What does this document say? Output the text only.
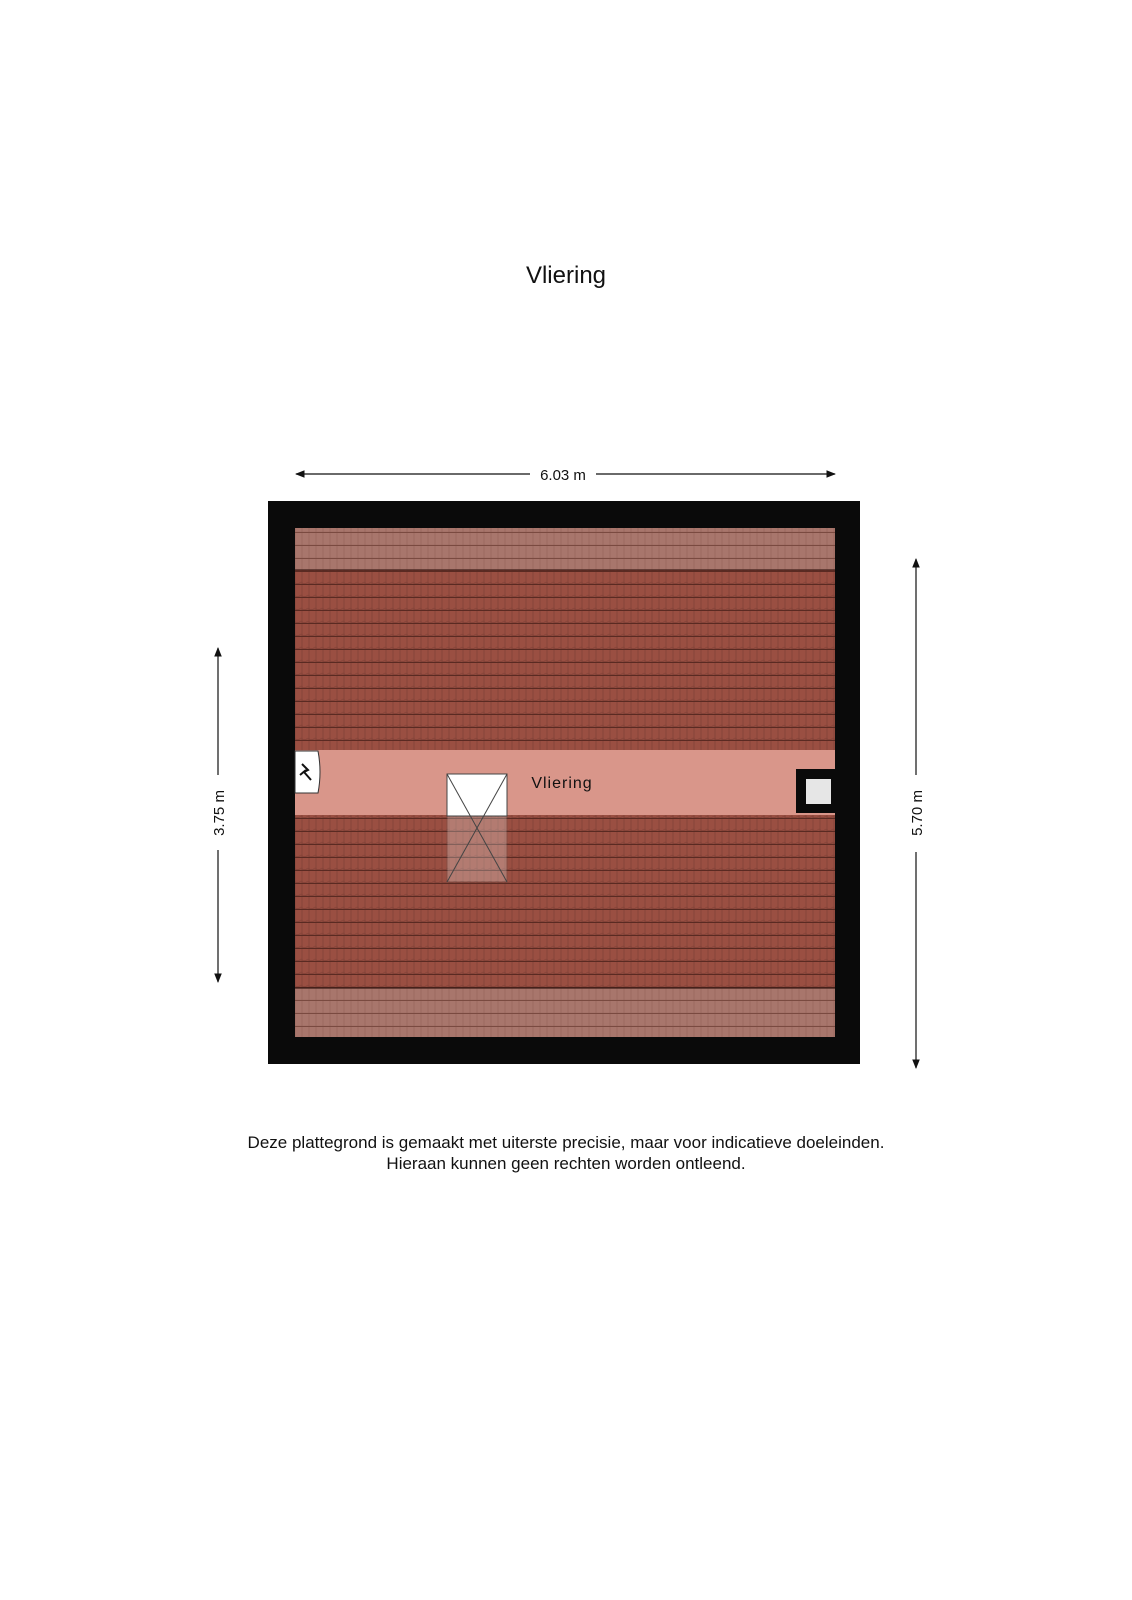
Vliering
Vliering
6.03 m
3.75 m	5.70 m
Deze plattegrond is gemaakt met uiterste precisie, maar voor indicatieve doeleinden.
Hieraan kunnen geen rechten worden ontleend.
